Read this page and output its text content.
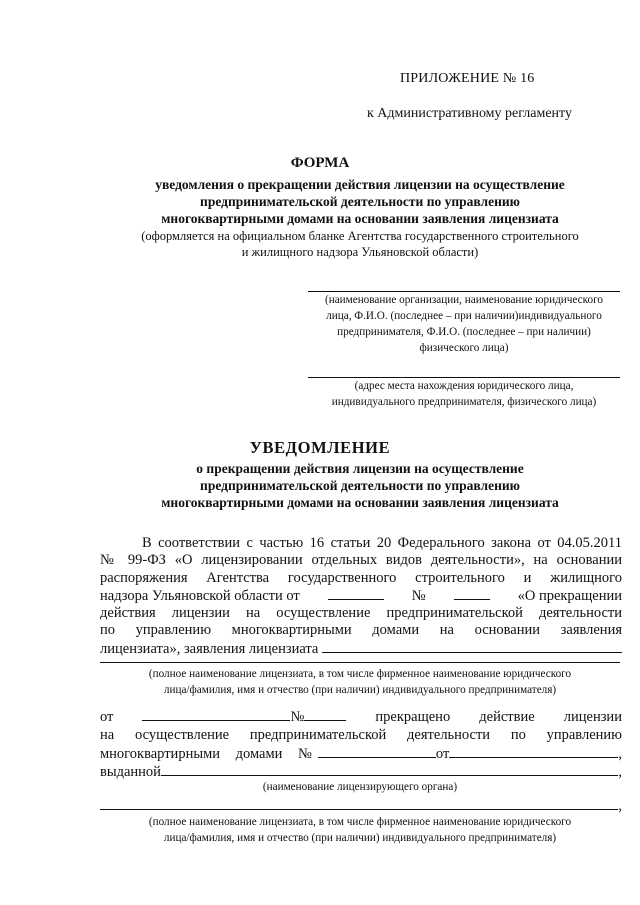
ПРИЛОЖЕНИЕ № 16
к Административному регламенту
ФОРМА
уведомления о прекращении действия лицензии на осуществление
предпринимательской деятельности по управлению
многоквартирными домами на основании заявления лицензиата
(оформляется на официальном бланке Агентства государственного строительного
и жилищного надзора Ульяновской области)
(наименование организации, наименование юридического
лица, Ф.И.О. (последнее – при наличии)индивидуального
предпринимателя, Ф.И.О. (последнее – при наличии)
физического лица)
(адрес места нахождения юридического лица,
индивидуального предпринимателя, физического лица)
УВЕДОМЛЕНИЕ
о прекращении действия лицензии на осуществление
предпринимательской деятельности по управлению
многоквартирными домами на основании заявления лицензиата
В соответствии с частью 16 статьи 20 Федерального закона от 04.05.2011
№ 99-ФЗ «О лицензировании отдельных видов деятельности», на основании
распоряжения Агентства государственного строительного и жилищного
надзора Ульяновской области от	№	«О прекращении
действия лицензии на осуществление предпринимательской деятельности
по управлению многоквартирными домами на основании заявления
лицензиата», заявления лицензиата
(полное наименование лицензиата, в том числе фирменное наименование юридического
лица/фамилия, имя и отчество (при наличии) индивидуального предпринимателя)
от	№	прекращено действие лицензии
на осуществление предпринимательской деятельности по управлению
многоквартирными домами №	от	,
выданной	,
(наименование лицензирующего органа)
,
(полное наименование лицензиата, в том числе фирменное наименование юридического
лица/фамилия, имя и отчество (при наличии) индивидуального предпринимателя)
